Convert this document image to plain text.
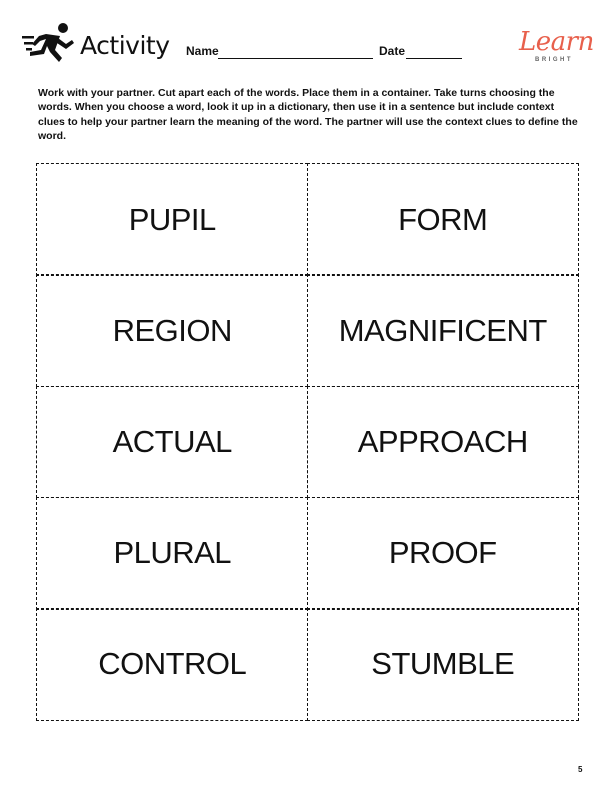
Activity Name	Date	Learn
BRIGHT
Work with your partner. Cut apart each of the words. Place them in a container. Take turns choosing the words. When you choose a word, look it up in a dictionary, then use it in a sentence but include context clues to help your partner learn the meaning of the word. The partner will use the context clues to define the word.
PUPIL	FORM
REGION	MAGNIFICENT
ACTUAL	APPROACH
PLURAL	PROOF
CONTROL	STUMBLE
5
